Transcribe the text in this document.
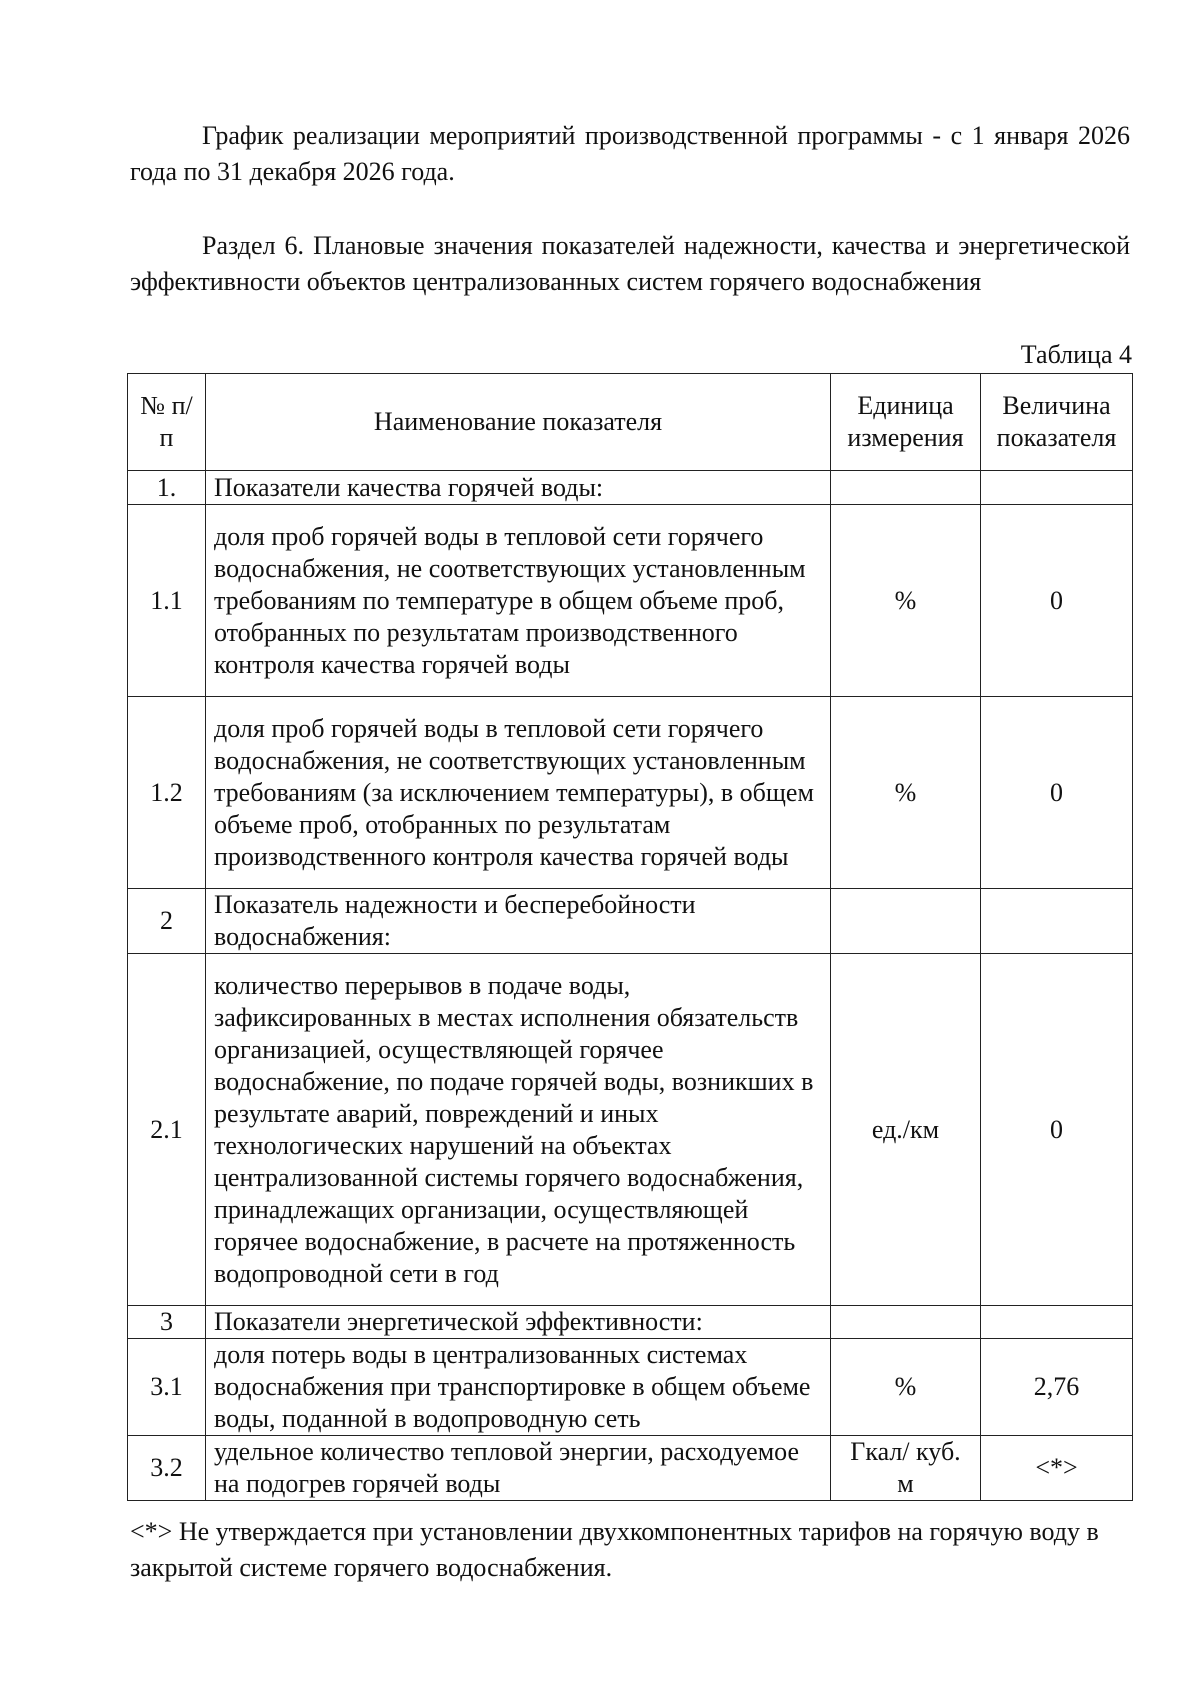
График реализации мероприятий производственной программы - с 1 января 2026 года по 31 декабря 2026 года.

Раздел 6. Плановые значения показателей надежности, качества и энергетической эффективности объектов централизованных систем горячего водоснабжения

Таблица 4
№ п/п	Наименование показателя	Единица измерения	Величина показателя
1.	Показатели качества горячей воды:		
1.1	доля проб горячей воды в тепловой сети горячего водоснабжения, не соответствующих установленным требованиям по температуре в общем объеме проб, отобранных по результатам производственного контроля качества горячей воды	%	0
1.2	доля проб горячей воды в тепловой сети горячего водоснабжения, не соответствующих установленным требованиям (за исключением температуры), в общем объеме проб, отобранных по результатам производственного контроля качества горячей воды	%	0
2	Показатель надежности и бесперебойности водоснабжения:		
2.1	количество перерывов в подаче воды, зафиксированных в местах исполнения обязательств организацией, осуществляющей горячее водоснабжение, по подаче горячей воды, возникших в результате аварий, повреждений и иных технологических нарушений на объектах централизованной системы горячего водоснабжения, принадлежащих организации, осуществляющей горячее водоснабжение, в расчете на протяженность водопроводной сети в год	ед./км	0
3	Показатели энергетической эффективности:		
3.1	доля потерь воды в централизованных системах водоснабжения при транспортировке в общем объеме воды, поданной в водопроводную сеть	%	2,76
3.2	удельное количество тепловой энергии, расходуемое на подогрев горячей воды	Гкал/ куб. м	<*>

<*> Не утверждается при установлении двухкомпонентных тарифов на горячую воду в закрытой системе горячего водоснабжения.
